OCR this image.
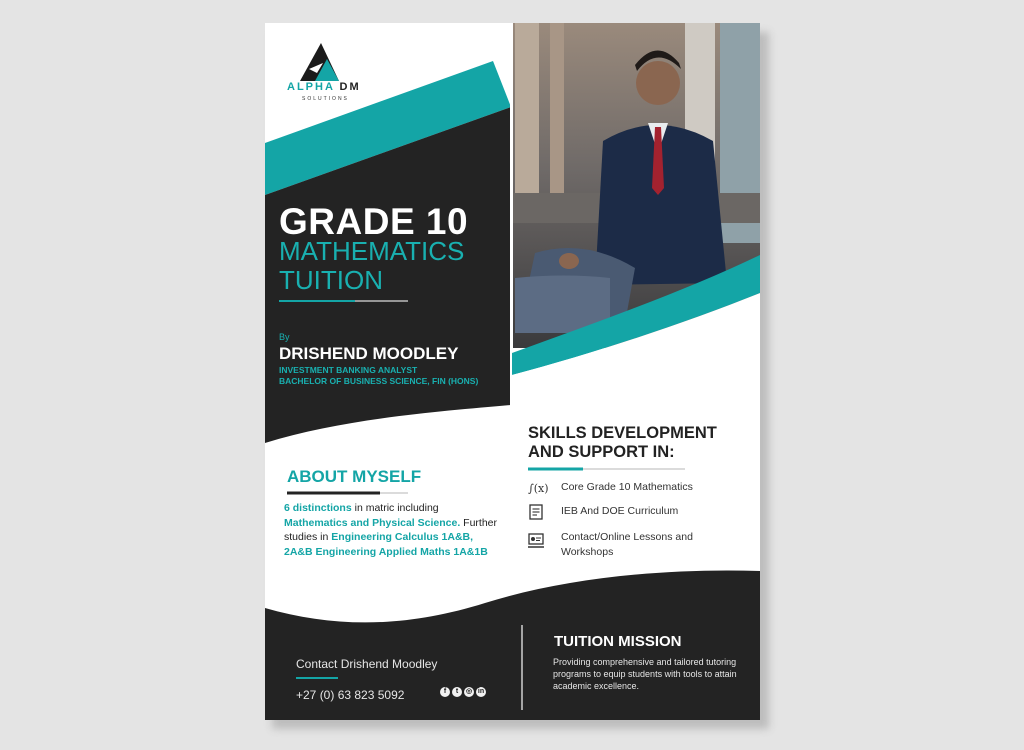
ALPHA DM
SOLUTIONS
GRADE 10
MATHEMATICS
TUITION
By
DRISHEND MOODLEY
INVESTMENT BANKING ANALYST
BACHELOR OF BUSINESS SCIENCE, FIN (HONS)
ABOUT MYSELF
6 distinctions in matric including Mathematics and Physical Science. Further studies in Engineering Calculus 1A&B, 2A&B Engineering Applied Maths 1A&1B
SKILLS DEVELOPMENT
AND SUPPORT IN:
∫(x) Core Grade 10 Mathematics
IEB And DOE Curriculum
Contact/Online Lessons and Workshops
Contact Drishend Moodley
+27 (0) 63 823 5092	f	t	◎ in
TUITION MISSION
Providing comprehensive and tailored tutoring programs to equip students with tools to attain academic excellence.
